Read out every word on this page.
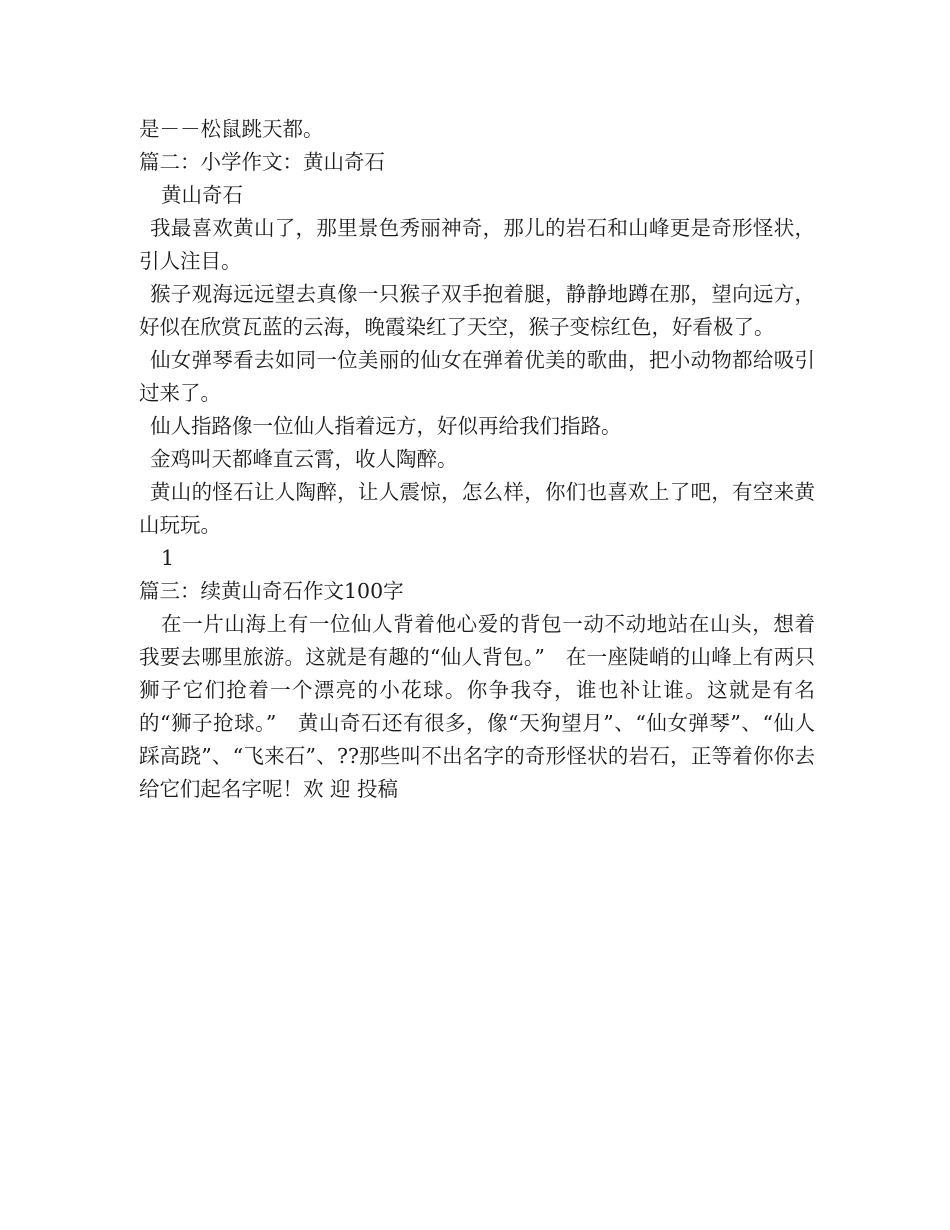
是－－松鼠跳天都。

篇二：小学作文：黄山奇石

黄山奇石

我最喜欢黄山了，那里景色秀丽神奇，那儿的岩石和山峰更是奇形怪状，引人注目。

猴子观海远远望去真像一只猴子双手抱着腿，静静地蹲在那，望向远方，好似在欣赏瓦蓝的云海，晚霞染红了天空，猴子变棕红色，好看极了。

仙女弹琴看去如同一位美丽的仙女在弹着优美的歌曲，把小动物都给吸引过来了。

仙人指路像一位仙人指着远方，好似再给我们指路。

金鸡叫天都峰直云霄，收人陶醉。

黄山的怪石让人陶醉，让人震惊，怎么样，你们也喜欢上了吧，有空来黄山玩玩。

1

篇三：续黄山奇石作文100字

在一片山海上有一位仙人背着他心爱的背包一动不动地站在山头，想着我要去哪里旅游。这就是有趣的“仙人背包。”　在一座陡峭的山峰上有两只狮子它们抢着一个漂亮的小花球。你争我夺，谁也补让谁。这就是有名的“狮子抢球。”　黄山奇石还有很多，像“天狗望月”、“仙女弹琴”、“仙人踩高跷”、“飞来石”、??那些叫不出名字的奇形怪状的岩石，正等着你你去给它们起名字呢！欢 迎 投稿
